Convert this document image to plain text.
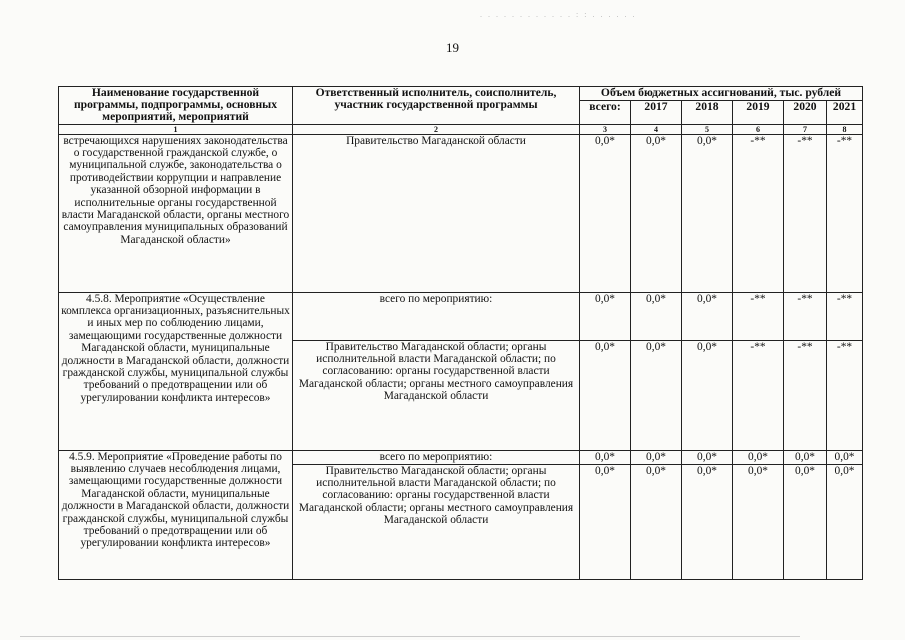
. . . . . . . . . . . . : : . . . . . .
19
Наименование государственной программы, подпрограммы, основных мероприятий, мероприятий	Ответственный исполнитель, соисполнитель, участник государственной программы	Объем бюджетных ассигнований, тыс. рублей					
		всего:	2017	2018	2019	2020	2021
1	2	3	4	5	6	7	8
встречающихся нарушениях законодательства о государственной гражданской службе, о муниципальной службе, законодательства о противодействии коррупции и направление указанной обзорной информации в исполнительные органы государственной власти Магаданской области, органы местного самоуправления муниципальных образований Магаданской области»	Правительство Магаданской области	0,0*	0,0*	0,0*	-**	-**	-**
4.5.8. Мероприятие «Осуществление комплекса организационных, разъяснительных и иных мер по соблюдению лицами, замещающими государственные должности Магаданской области, муниципальные должности в Магаданской области, должности гражданской службы, муниципальной службы требований о предотвращении или об урегулировании конфликта интересов»	всего по мероприятию:	0,0*	0,0*	0,0*	-**	-**	-**
	Правительство Магаданской области; органы исполнительной власти Магаданской области; по согласованию: органы государственной власти Магаданской области; органы местного самоуправления Магаданской области	0,0*	0,0*	0,0*	-**	-**	-**
4.5.9. Мероприятие «Проведение работы по выявлению случаев несоблюдения лицами, замещающими государственные должности Магаданской области, муниципальные должности в Магаданской области, должности гражданской службы, муниципальной службы требований о предотвращении или об урегулировании конфликта интересов»	всего по мероприятию:	0,0*	0,0*	0,0*	0,0*	0,0*	0,0*
	Правительство Магаданской области; органы исполнительной власти Магаданской области; по согласованию: органы государственной власти Магаданской области; органы местного самоуправления Магаданской области	0,0*	0,0*	0,0*	0,0*	0,0*	0,0*
